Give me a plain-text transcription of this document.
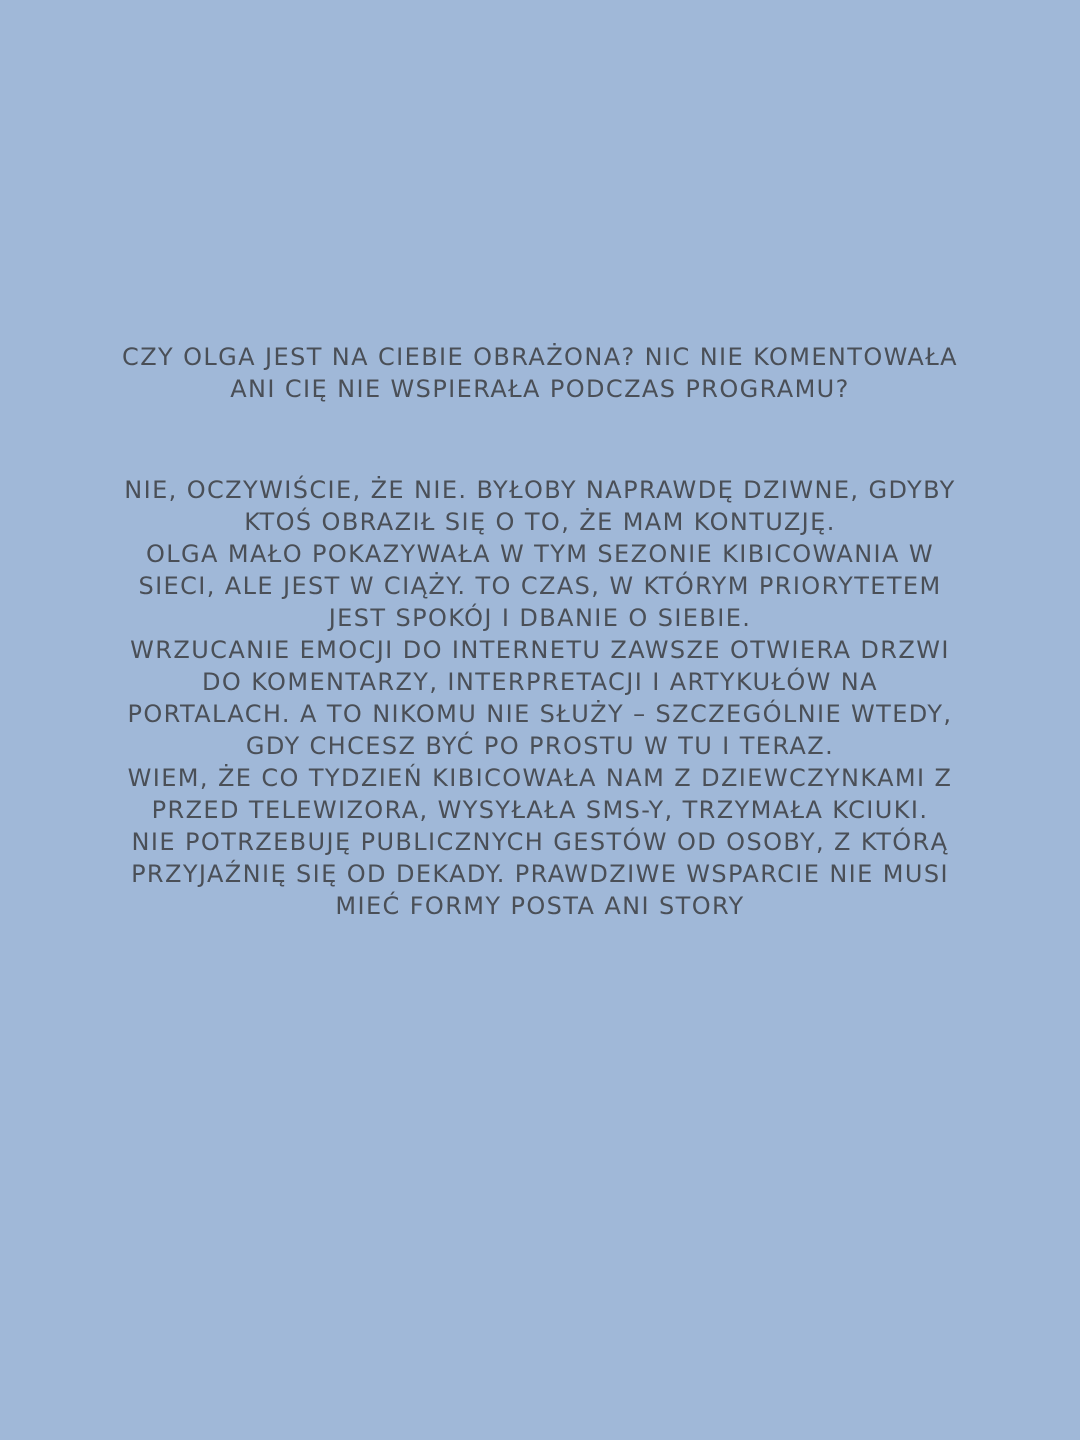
CZY OLGA JEST NA CIEBIE OBRAŻONA? NIC NIE KOMENTOWAŁA
ANI CIĘ NIE WSPIERAŁA PODCZAS PROGRAMU?
NIE, OCZYWIŚCIE, ŻE NIE. BYŁOBY NAPRAWDĘ DZIWNE, GDYBY
KTOŚ OBRAZIŁ SIĘ O TO, ŻE MAM KONTUZJĘ.
OLGA MAŁO POKAZYWAŁA W TYM SEZONIE KIBICOWANIA W
SIECI, ALE JEST W CIĄŻY. TO CZAS, W KTÓRYM PRIORYTETEM
JEST SPOKÓJ I DBANIE O SIEBIE.
WRZUCANIE EMOCJI DO INTERNETU ZAWSZE OTWIERA DRZWI
DO KOMENTARZY, INTERPRETACJI I ARTYKUŁÓW NA
PORTALACH. A TO NIKOMU NIE SŁUŻY – SZCZEGÓLNIE WTEDY,
GDY CHCESZ BYĆ PO PROSTU W TU I TERAZ.
WIEM, ŻE CO TYDZIEŃ KIBICOWAŁA NAM Z DZIEWCZYNKAMI Z
PRZED TELEWIZORA, WYSYŁAŁA SMS-Y, TRZYMAŁA KCIUKI.
NIE POTRZEBUJĘ PUBLICZNYCH GESTÓW OD OSOBY, Z KTÓRĄ
PRZYJAŹNIĘ SIĘ OD DEKADY. PRAWDZIWE WSPARCIE NIE MUSI
MIEĆ FORMY POSTA ANI STORY
